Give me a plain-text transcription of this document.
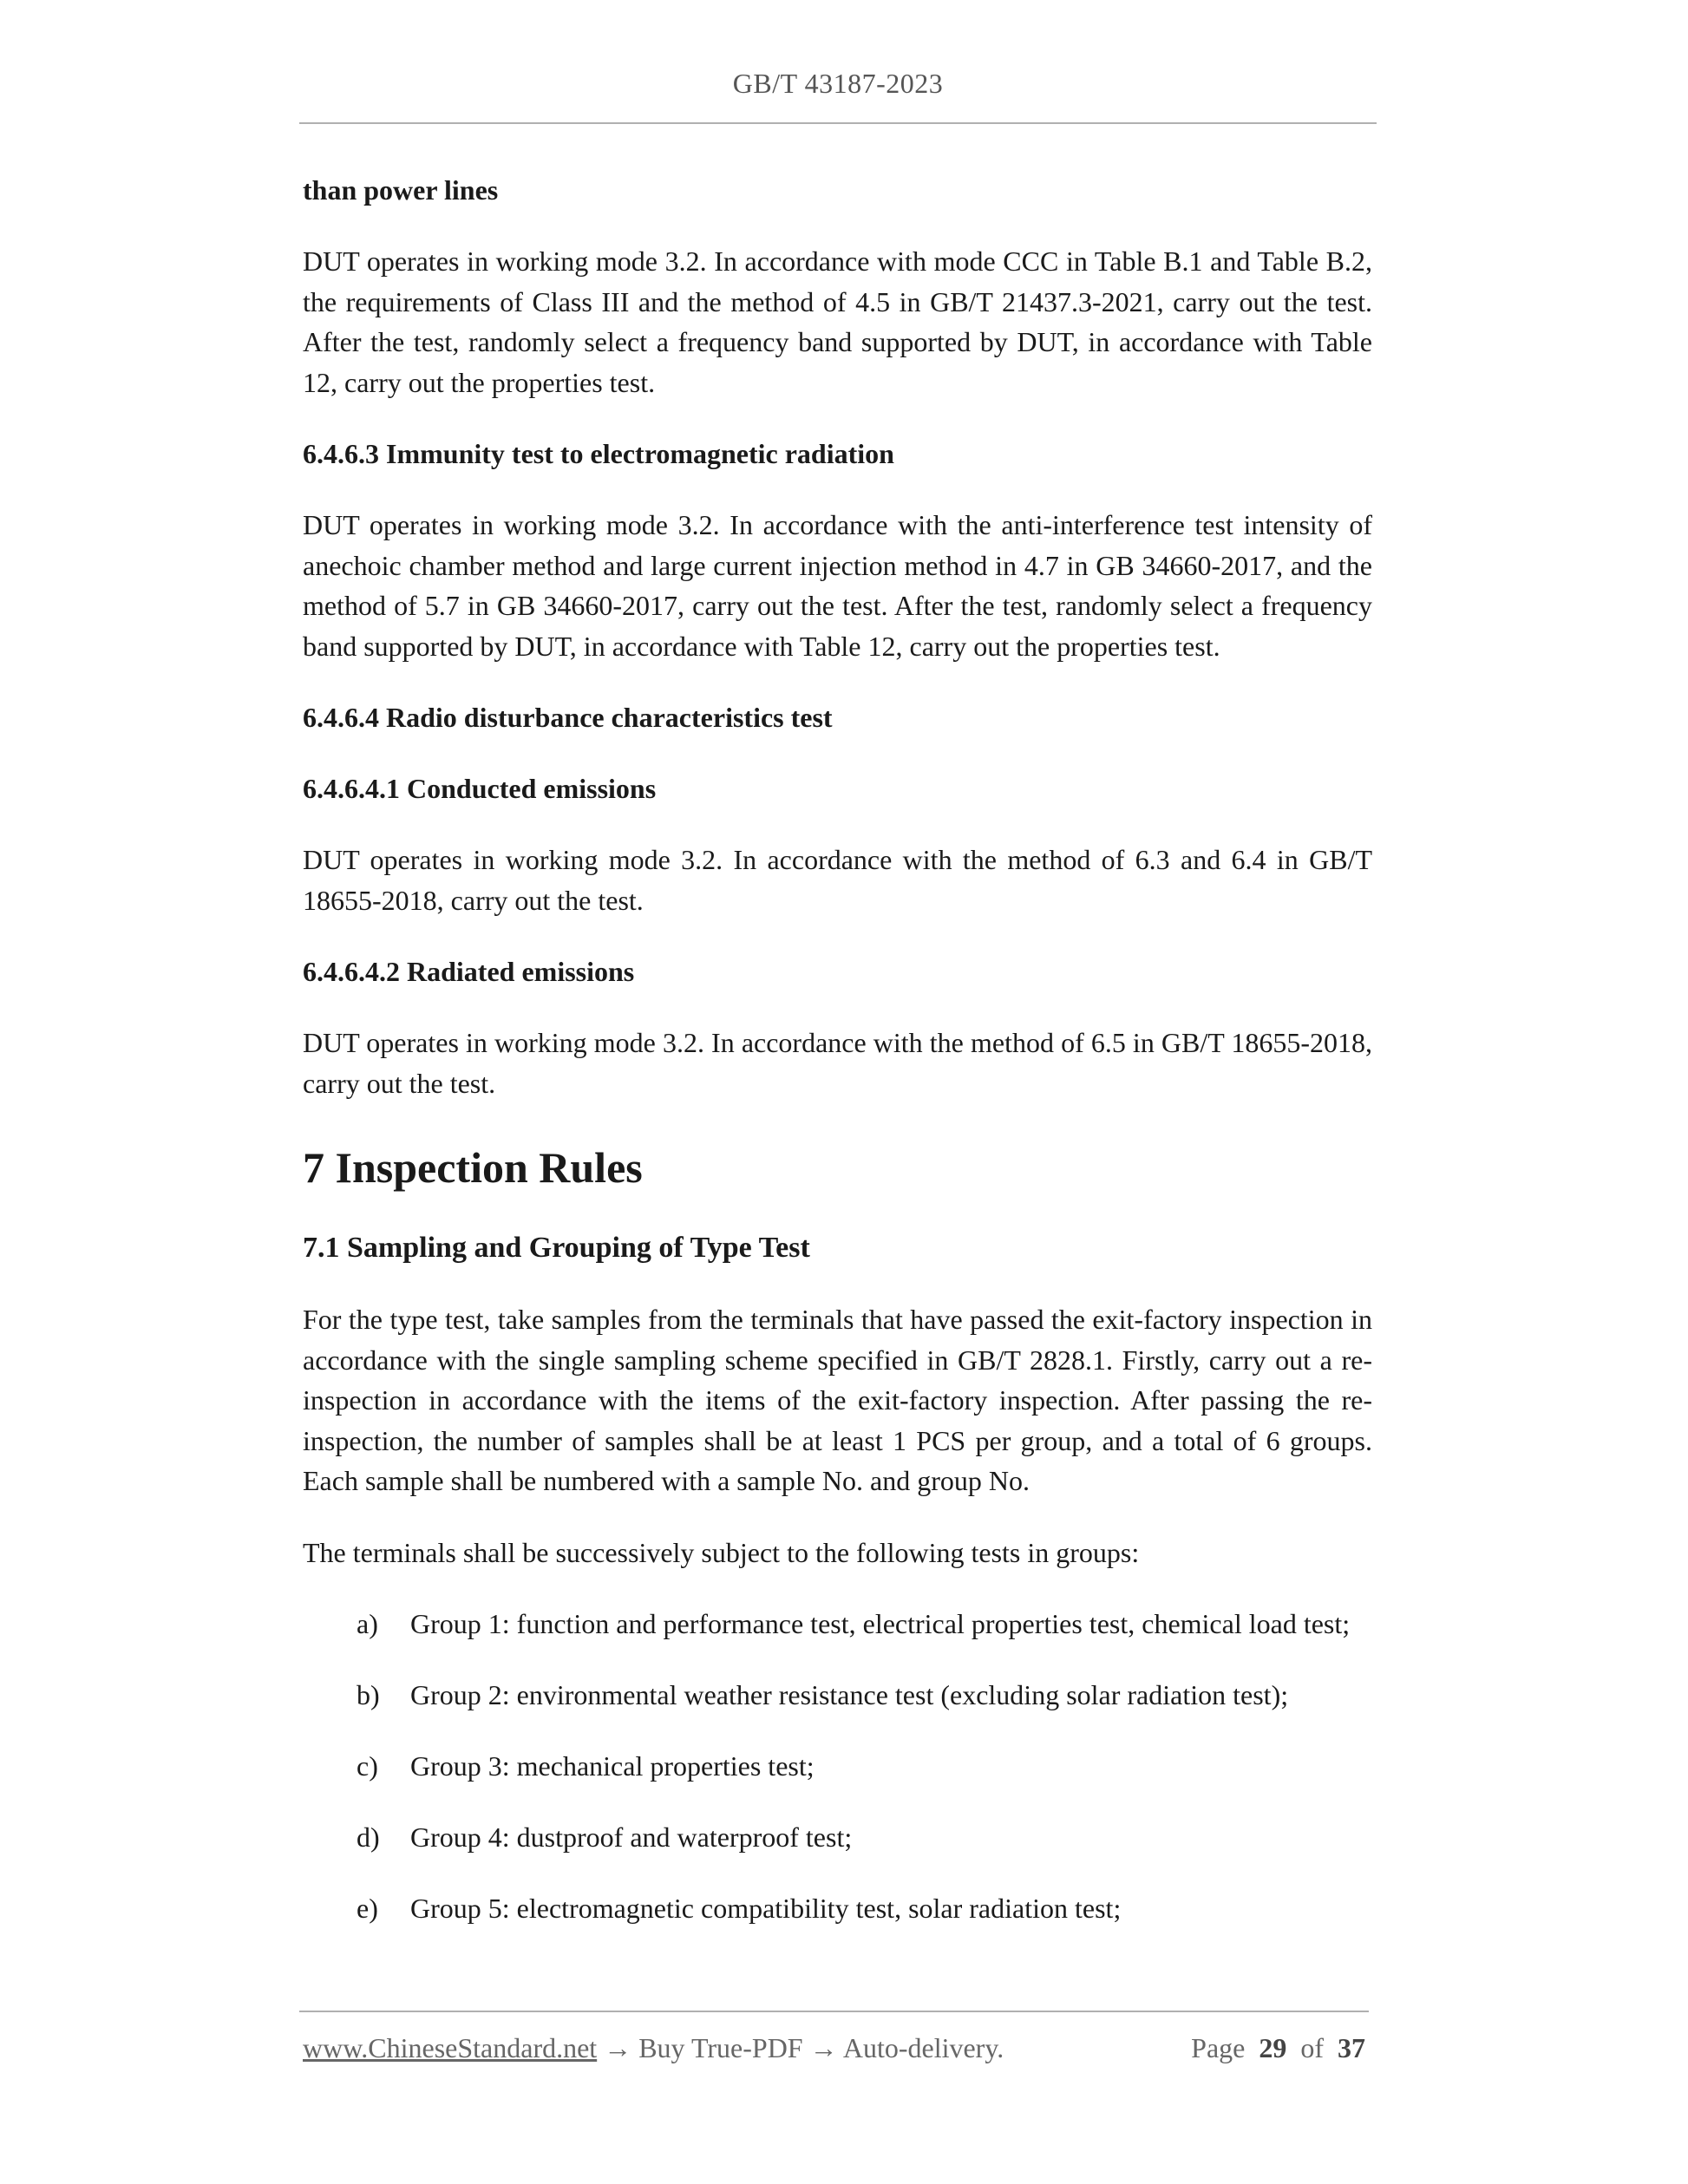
GB/T 43187-2023
than power lines

DUT operates in working mode 3.2. In accordance with mode CCC in Table B.1 and Table B.2, the requirements of Class III and the method of 4.5 in GB/T 21437.3-2021, carry out the test. After the test, randomly select a frequency band supported by DUT, in accordance with Table 12, carry out the properties test.

6.4.6.3 Immunity test to electromagnetic radiation

DUT operates in working mode 3.2. In accordance with the anti-interference test intensity of anechoic chamber method and large current injection method in 4.7 in GB 34660-2017, and the method of 5.7 in GB 34660-2017, carry out the test. After the test, randomly select a frequency band supported by DUT, in accordance with Table 12, carry out the properties test.

6.4.6.4 Radio disturbance characteristics test
6.4.6.4.1 Conducted emissions

DUT operates in working mode 3.2. In accordance with the method of 6.3 and 6.4 in GB/T 18655-2018, carry out the test.

6.4.6.4.2 Radiated emissions

DUT operates in working mode 3.2. In accordance with the method of 6.5 in GB/T 18655-2018, carry out the test.

7 Inspection Rules
7.1 Sampling and Grouping of Type Test

For the type test, take samples from the terminals that have passed the exit-factory inspection in accordance with the single sampling scheme specified in GB/T 2828.1. Firstly, carry out a re-inspection in accordance with the items of the exit-factory inspection. After passing the re-inspection, the number of samples shall be at least 1 PCS per group, and a total of 6 groups. Each sample shall be numbered with a sample No. and group No.

The terminals shall be successively subject to the following tests in groups:

a) Group 1: function and performance test, electrical properties test, chemical load test;
b) Group 2: environmental weather resistance test (excluding solar radiation test);
c) Group 3: mechanical properties test;
d) Group 4: dustproof and waterproof test;
e) Group 5: electromagnetic compatibility test, solar radiation test;
www.ChineseStandard.net → Buy True-PDF → Auto-delivery.	Page 29 of 37
